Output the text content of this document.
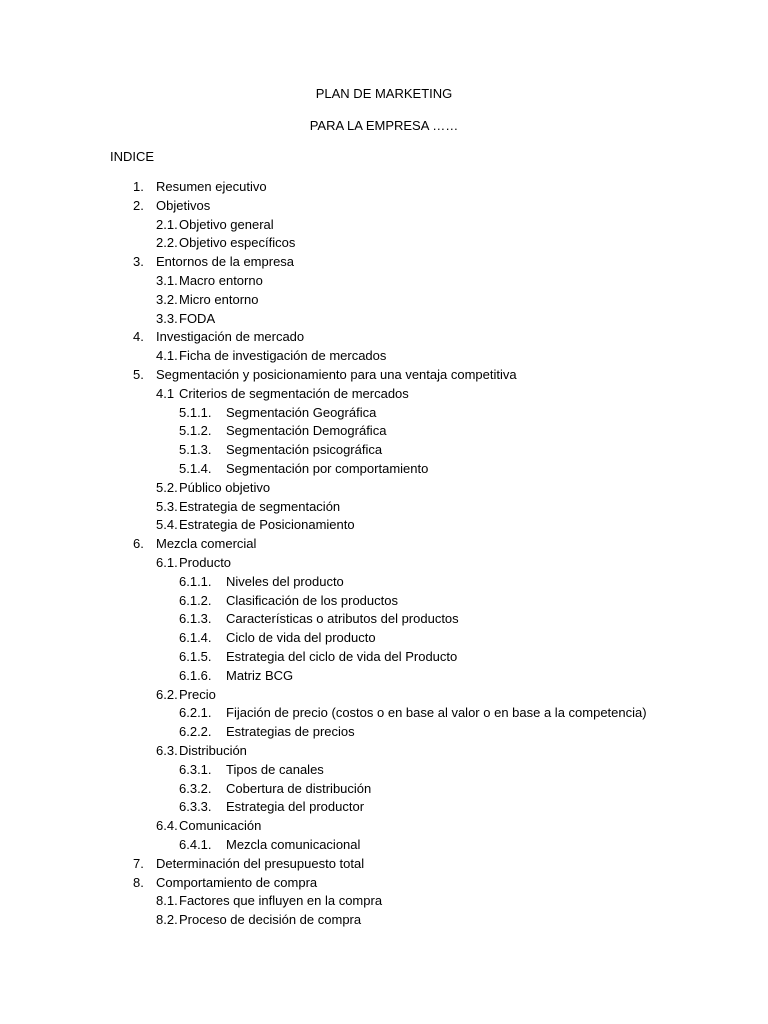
PLAN DE MARKETING
PARA LA EMPRESA ……
INDICE
1. Resumen ejecutivo
2. Objetivos
2.1. Objetivo general
2.2. Objetivo específicos
3. Entornos de la empresa
3.1. Macro entorno
3.2. Micro entorno
3.3. FODA
4. Investigación de mercado
4.1. Ficha de investigación de mercados
5. Segmentación y posicionamiento para una ventaja competitiva
4.1 Criterios de segmentación de mercados
5.1.1. Segmentación Geográfica
5.1.2. Segmentación Demográfica
5.1.3. Segmentación psicográfica
5.1.4. Segmentación por comportamiento
5.2. Público objetivo
5.3. Estrategia de segmentación
5.4. Estrategia de Posicionamiento
6. Mezcla comercial
6.1. Producto
6.1.1. Niveles del producto
6.1.2. Clasificación de los productos
6.1.3. Características o atributos del productos
6.1.4. Ciclo de vida del producto
6.1.5. Estrategia del ciclo de vida del Producto
6.1.6. Matriz BCG
6.2. Precio
6.2.1. Fijación de precio (costos o en base al valor o en base a la competencia)
6.2.2. Estrategias de precios
6.3. Distribución
6.3.1. Tipos de canales
6.3.2. Cobertura de distribución
6.3.3. Estrategia del productor
6.4. Comunicación
6.4.1. Mezcla comunicacional
7. Determinación del presupuesto total
8. Comportamiento de compra
8.1. Factores que influyen en la compra
8.2. Proceso de decisión de compra
